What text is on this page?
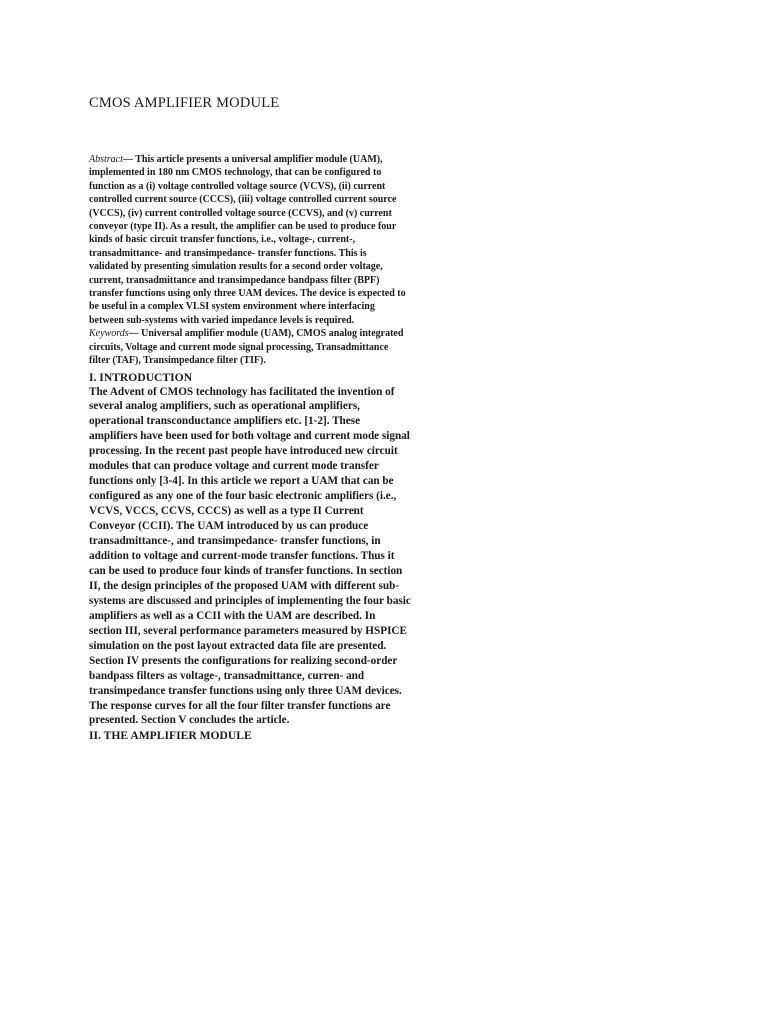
CMOS AMPLIFIER MODULE
Abstract— This article presents a universal amplifier module (UAM), implemented in 180 nm CMOS technology, that can be configured to function as a (i) voltage controlled voltage source (VCVS), (ii) current controlled current source (CCCS), (iii) voltage controlled current source (VCCS), (iv) current controlled voltage source (CCVS), and (v) current conveyor (type II). As a result, the amplifier can be used to produce four kinds of basic circuit transfer functions, i.e., voltage-, current-, transadmittance- and transimpedance- transfer functions. This is validated by presenting simulation results for a second order voltage, current, transadmittance and transimpedance bandpass filter (BPF) transfer functions using only three UAM devices. The device is expected to be useful in a complex VLSI system environment where interfacing between sub-systems with varied impedance levels is required.
Keywords— Universal amplifier module (UAM), CMOS analog integrated circuits, Voltage and current mode signal processing, Transadmittance filter (TAF), Transimpedance filter (TIF).
I. INTRODUCTION
The Advent of CMOS technology has facilitated the invention of several analog amplifiers, such as operational amplifiers, operational transconductance amplifiers etc. [1-2]. These amplifiers have been used for both voltage and current mode signal processing. In the recent past people have introduced new circuit modules that can produce voltage and current mode transfer functions only [3-4]. In this article we report a UAM that can be configured as any one of the four basic electronic amplifiers (i.e., VCVS, VCCS, CCVS, CCCS) as well as a type II Current Conveyor (CCII). The UAM introduced by us can produce transadmittance-, and transimpedance- transfer functions, in addition to voltage and current-mode transfer functions. Thus it can be used to produce four kinds of transfer functions. In section II, the design principles of the proposed UAM with different sub-systems are discussed and principles of implementing the four basic amplifiers as well as a CCII with the UAM are described. In section III, several performance parameters measured by HSPICE simulation on the post layout extracted data file are presented. Section IV presents the configurations for realizing second-order bandpass filters as voltage-, transadmittance, curren- and transimpedance transfer functions using only three UAM devices. The response curves for all the four filter transfer functions are presented. Section V concludes the article.
II. THE AMPLIFIER MODULE
